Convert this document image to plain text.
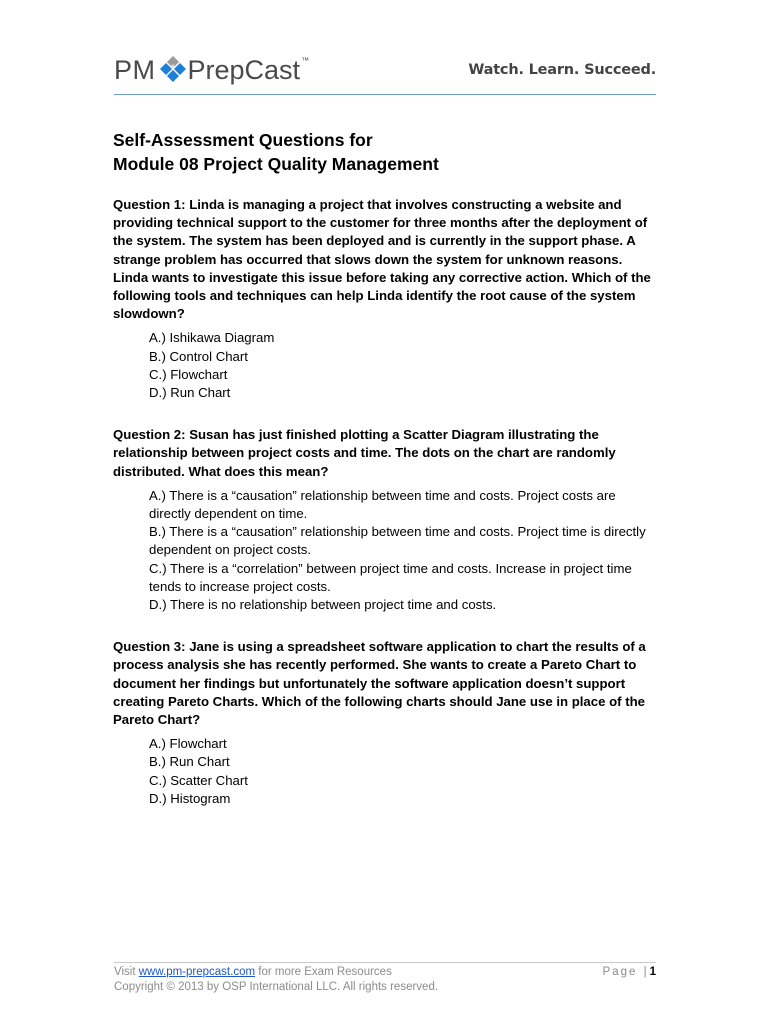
PM PrepCast ™
Watch. Learn. Succeed.
Self-Assessment Questions for
Module 08 Project Quality Management

Question 1: Linda is managing a project that involves constructing a website and providing technical support to the customer for three months after the deployment of the system. The system has been deployed and is currently in the support phase. A strange problem has occurred that slows down the system for unknown reasons. Linda wants to investigate this issue before taking any corrective action. Which of the following tools and techniques can help Linda identify the root cause of the system slowdown?

A.) Ishikawa Diagram
B.) Control Chart
C.) Flowchart
D.) Run Chart

Question 2: Susan has just finished plotting a Scatter Diagram illustrating the relationship between project costs and time. The dots on the chart are randomly distributed. What does this mean?

A.) There is a “causation” relationship between time and costs. Project costs are directly dependent on time.
B.) There is a “causation” relationship between time and costs. Project time is directly dependent on project costs.
C.) There is a “correlation” between project time and costs. Increase in project time tends to increase project costs.
D.) There is no relationship between project time and costs.

Question 3: Jane is using a spreadsheet software application to chart the results of a process analysis she has recently performed. She wants to create a Pareto Chart to document her findings but unfortunately the software application doesn’t support creating Pareto Charts. Which of the following charts should Jane use in place of the Pareto Chart?

A.) Flowchart
B.) Run Chart
C.) Scatter Chart
D.) Histogram
Visit www.pm-prepcast.com for more Exam Resources
Copyright © 2013 by OSP International LLC. All rights reserved.
Page |1
